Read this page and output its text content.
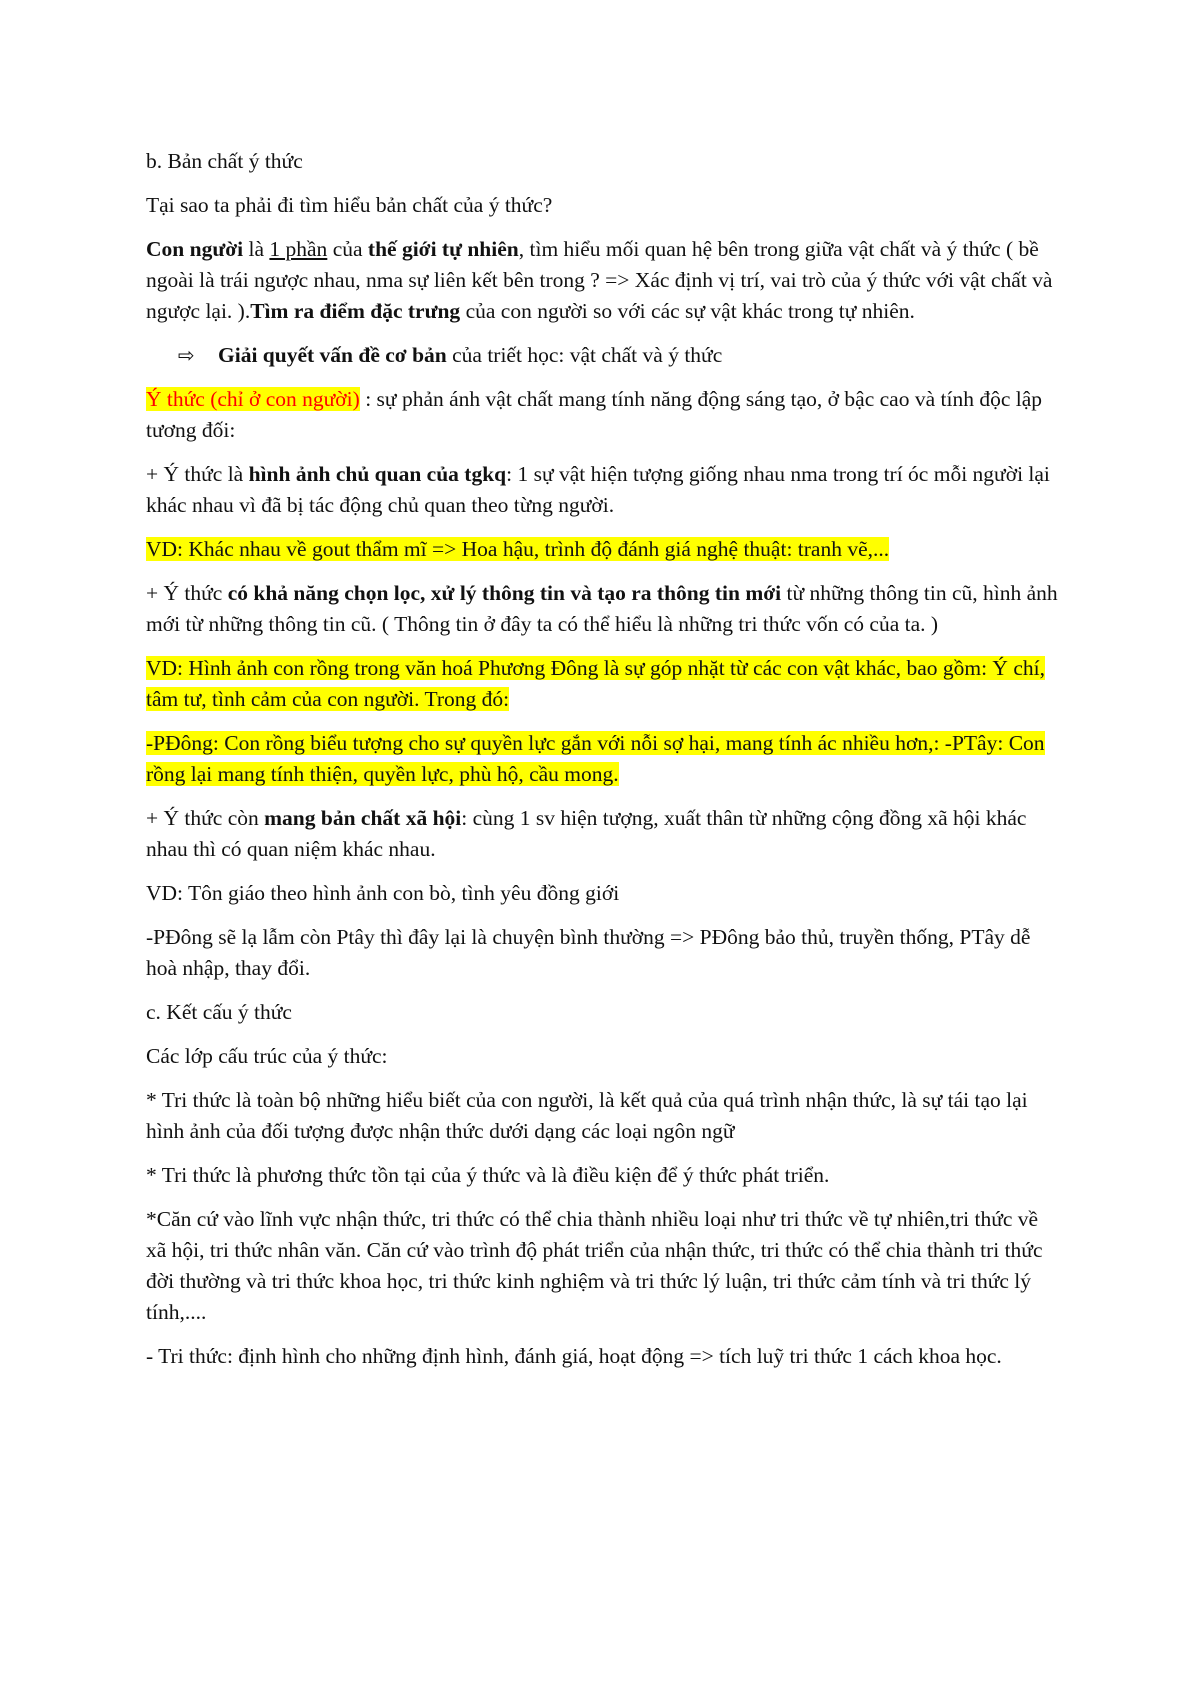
b. Bản chất ý thức

Tại sao ta phải đi tìm hiểu bản chất của ý thức?

Con người là 1 phần của thế giới tự nhiên, tìm hiểu mối quan hệ bên trong giữa vật chất và ý thức ( bề ngoài là trái ngược nhau, nma sự liên kết bên trong ? => Xác định vị trí, vai trò của ý thức với vật chất và ngược lại. ).Tìm ra điểm đặc trưng của con người so với các sự vật khác trong tự nhiên.

⇨	Giải quyết vấn đề cơ bản của triết học: vật chất và ý thức

Ý thức (chỉ ở con người) : sự phản ánh vật chất mang tính năng động sáng tạo, ở bậc cao và tính độc lập tương đối:

+ Ý thức là hình ảnh chủ quan của tgkq: 1 sự vật hiện tượng giống nhau nma trong trí óc mỗi người lại khác nhau vì đã bị tác động chủ quan theo từng người.

VD: Khác nhau về gout thẩm mĩ => Hoa hậu, trình độ đánh giá nghệ thuật: tranh vẽ,...

+ Ý thức có khả năng chọn lọc, xử lý thông tin và tạo ra thông tin mới từ những thông tin cũ, hình ảnh mới từ những thông tin cũ. ( Thông tin ở đây ta có thể hiểu là những tri thức vốn có của ta. )

VD: Hình ảnh con rồng trong văn hoá Phương Đông là sự góp nhặt từ các con vật khác, bao gồm: Ý chí, tâm tư, tình cảm của con người. Trong đó:

-PĐông: Con rồng biểu tượng cho sự quyền lực gắn với nỗi sợ hại, mang tính ác nhiều hơn,: -PTây: Con rồng lại mang tính thiện, quyền lực, phù hộ, cầu mong.

+ Ý thức còn mang bản chất xã hội: cùng 1 sv hiện tượng, xuất thân từ những cộng đồng xã hội khác nhau thì có quan niệm khác nhau.

VD: Tôn giáo theo hình ảnh con bò, tình yêu đồng giới

-PĐông sẽ lạ lẫm còn Ptây thì đây lại là chuyện bình thường => PĐông bảo thủ, truyền thống, PTây dễ hoà nhập, thay đổi.

c. Kết cấu ý thức

Các lớp cấu trúc của ý thức:

* Tri thức là toàn bộ những hiểu biết của con người, là kết quả của quá trình nhận thức, là sự tái tạo lại hình ảnh của đối tượng được nhận thức dưới dạng các loại ngôn ngữ

* Tri thức là phương thức tồn tại của ý thức và là điều kiện để ý thức phát triển.

*Căn cứ vào lĩnh vực nhận thức, tri thức có thể chia thành nhiều loại như tri thức về tự nhiên,tri thức về xã hội, tri thức nhân văn. Căn cứ vào trình độ phát triển của nhận thức, tri thức có thể chia thành tri thức đời thường và tri thức khoa học, tri thức kinh nghiệm và tri thức lý luận, tri thức cảm tính và tri thức lý tính,....

- Tri thức: định hình cho những định hình, đánh giá, hoạt động => tích luỹ tri thức 1 cách khoa học.
